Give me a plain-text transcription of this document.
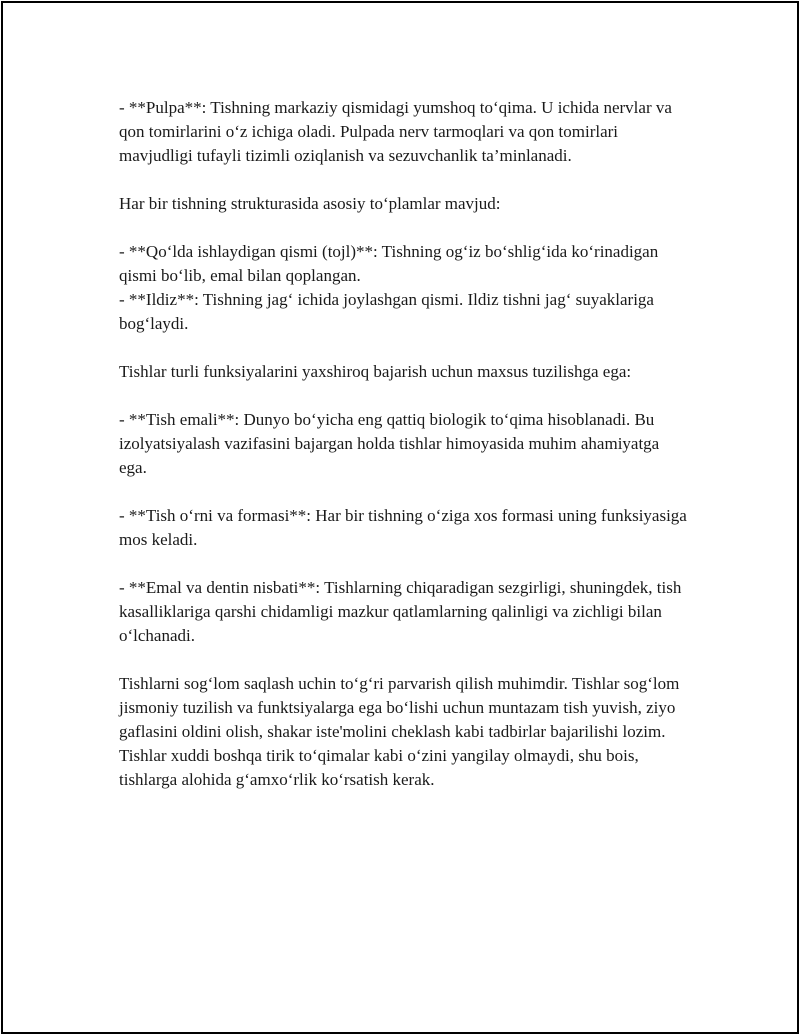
- **Pulpa**: Tishning markaziy qismidagi yumshoq to‘qima. U ichida nervlar va qon tomirlarini o‘z ichiga oladi. Pulpada nerv tarmoqlari va qon tomirlari mavjudligi tufayli tizimli oziqlanish va sezuvchanlik ta’minlanadi.

Har bir tishning strukturasida asosiy to‘plamlar mavjud:

- **Qo‘lda ishlaydigan qismi (tojl)**: Tishning og‘iz bo‘shlig‘ida ko‘rinadigan qismi bo‘lib, emal bilan qoplangan.

- **Ildiz**: Tishning jag‘ ichida joylashgan qismi. Ildiz tishni jag‘ suyaklariga bog‘laydi.

Tishlar turli funksiyalarini yaxshiroq bajarish uchun maxsus tuzilishga ega:

- **Tish emali**: Dunyo bo‘yicha eng qattiq biologik to‘qima hisoblanadi. Bu izolyatsiyalash vazifasini bajargan holda tishlar himoyasida muhim ahamiyatga ega.

- **Tish o‘rni va formasi**: Har bir tishning o‘ziga xos formasi uning funksiyasiga mos keladi.

- **Emal va dentin nisbati**: Tishlarning chiqaradigan sezgirligi, shuningdek, tish kasalliklariga qarshi chidamligi mazkur qatlamlarning qalinligi va zichligi bilan o‘lchanadi.

Tishlarni sog‘lom saqlash uchin to‘g‘ri parvarish qilish muhimdir. Tishlar sog‘lom jismoniy tuzilish va funktsiyalarga ega bo‘lishi uchun muntazam tish yuvish, ziyo gaflasini oldini olish, shakar iste'molini cheklash kabi tadbirlar bajarilishi lozim. Tishlar xuddi boshqa tirik to‘qimalar kabi o‘zini yangilay olmaydi, shu bois, tishlarga alohida g‘amxo‘rlik ko‘rsatish kerak.
